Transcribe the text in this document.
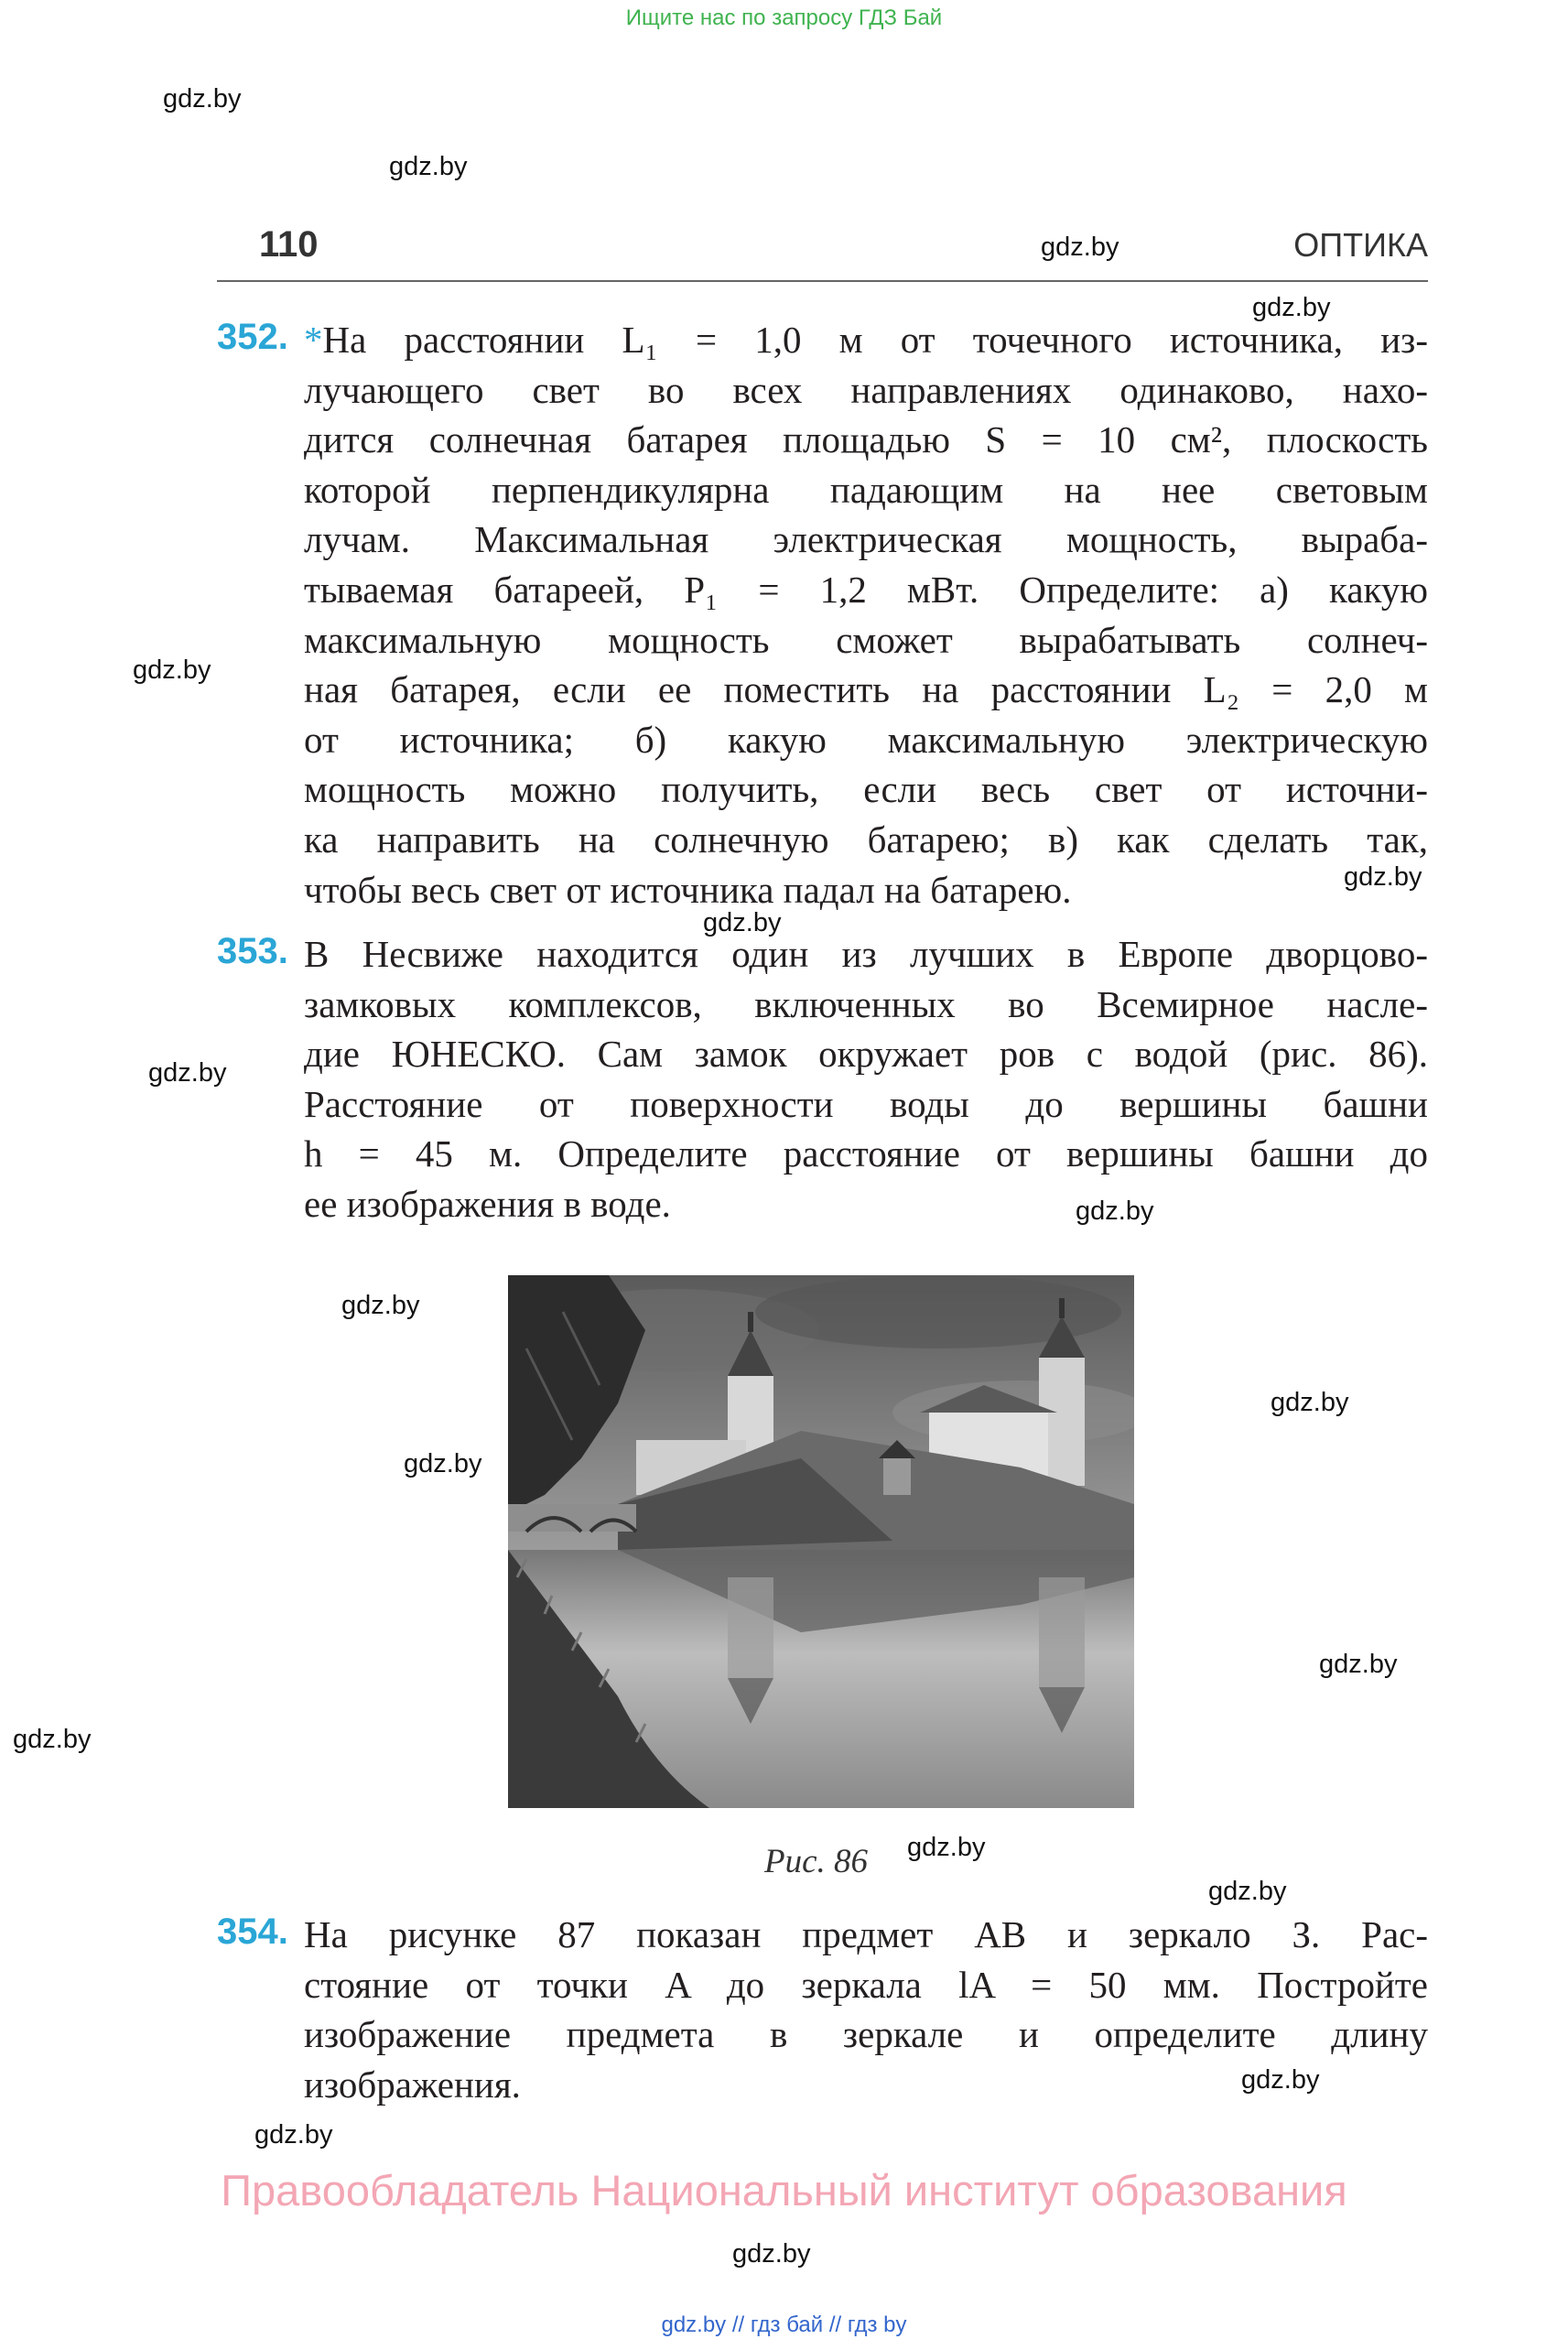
Ищите нас по запросу ГДЗ Бай
gdz.by
gdz.by
gdz.by
gdz.by
gdz.by
gdz.by
gdz.by
gdz.by
gdz.by
gdz.by
gdz.by
gdz.by
gdz.by
gdz.by
gdz.by
gdz.by
gdz.by
gdz.by
gdz.by
110	ОПТИКА
352. *На расстоянии L₁ = 1,0 м от точечного источника, из-
лучающего свет во всех направлениях одинаково, нахо-
дится солнечная батарея площадью S = 10 см², плоскость
которой перпендикулярна падающим на нее световым
лучам. Максимальная электрическая мощность, выраба-
тываемая батареей, P₁ = 1,2 мВт. Определите: а) какую
максимальную мощность сможет вырабатывать солнеч-
ная батарея, если ее поместить на расстоянии L₂ = 2,0 м
от источника; б) какую максимальную электрическую
мощность можно получить, если весь свет от источни-
ка направить на солнечную батарею; в) как сделать так,
чтобы весь свет от источника падал на батарею.
353. В Несвиже находится один из лучших в Европе дворцово-
замковых комплексов, включенных во Всемирное насле-
дие ЮНЕСКО. Сам замок окружает ров с водой (рис. 86).
Расстояние от поверхности воды до вершины башни
h = 45 м. Определите расстояние от вершины башни до
ее изображения в воде.
Рис. 86
354. На рисунке 87 показан предмет AB и зеркало З. Рас-
стояние от точки A до зеркала lA = 50 мм. Постройте
изображение предмета в зеркале и определите длину
изображения.
Правообладатель Национальный институт образования
gdz.by // гдз бай // гдз by
